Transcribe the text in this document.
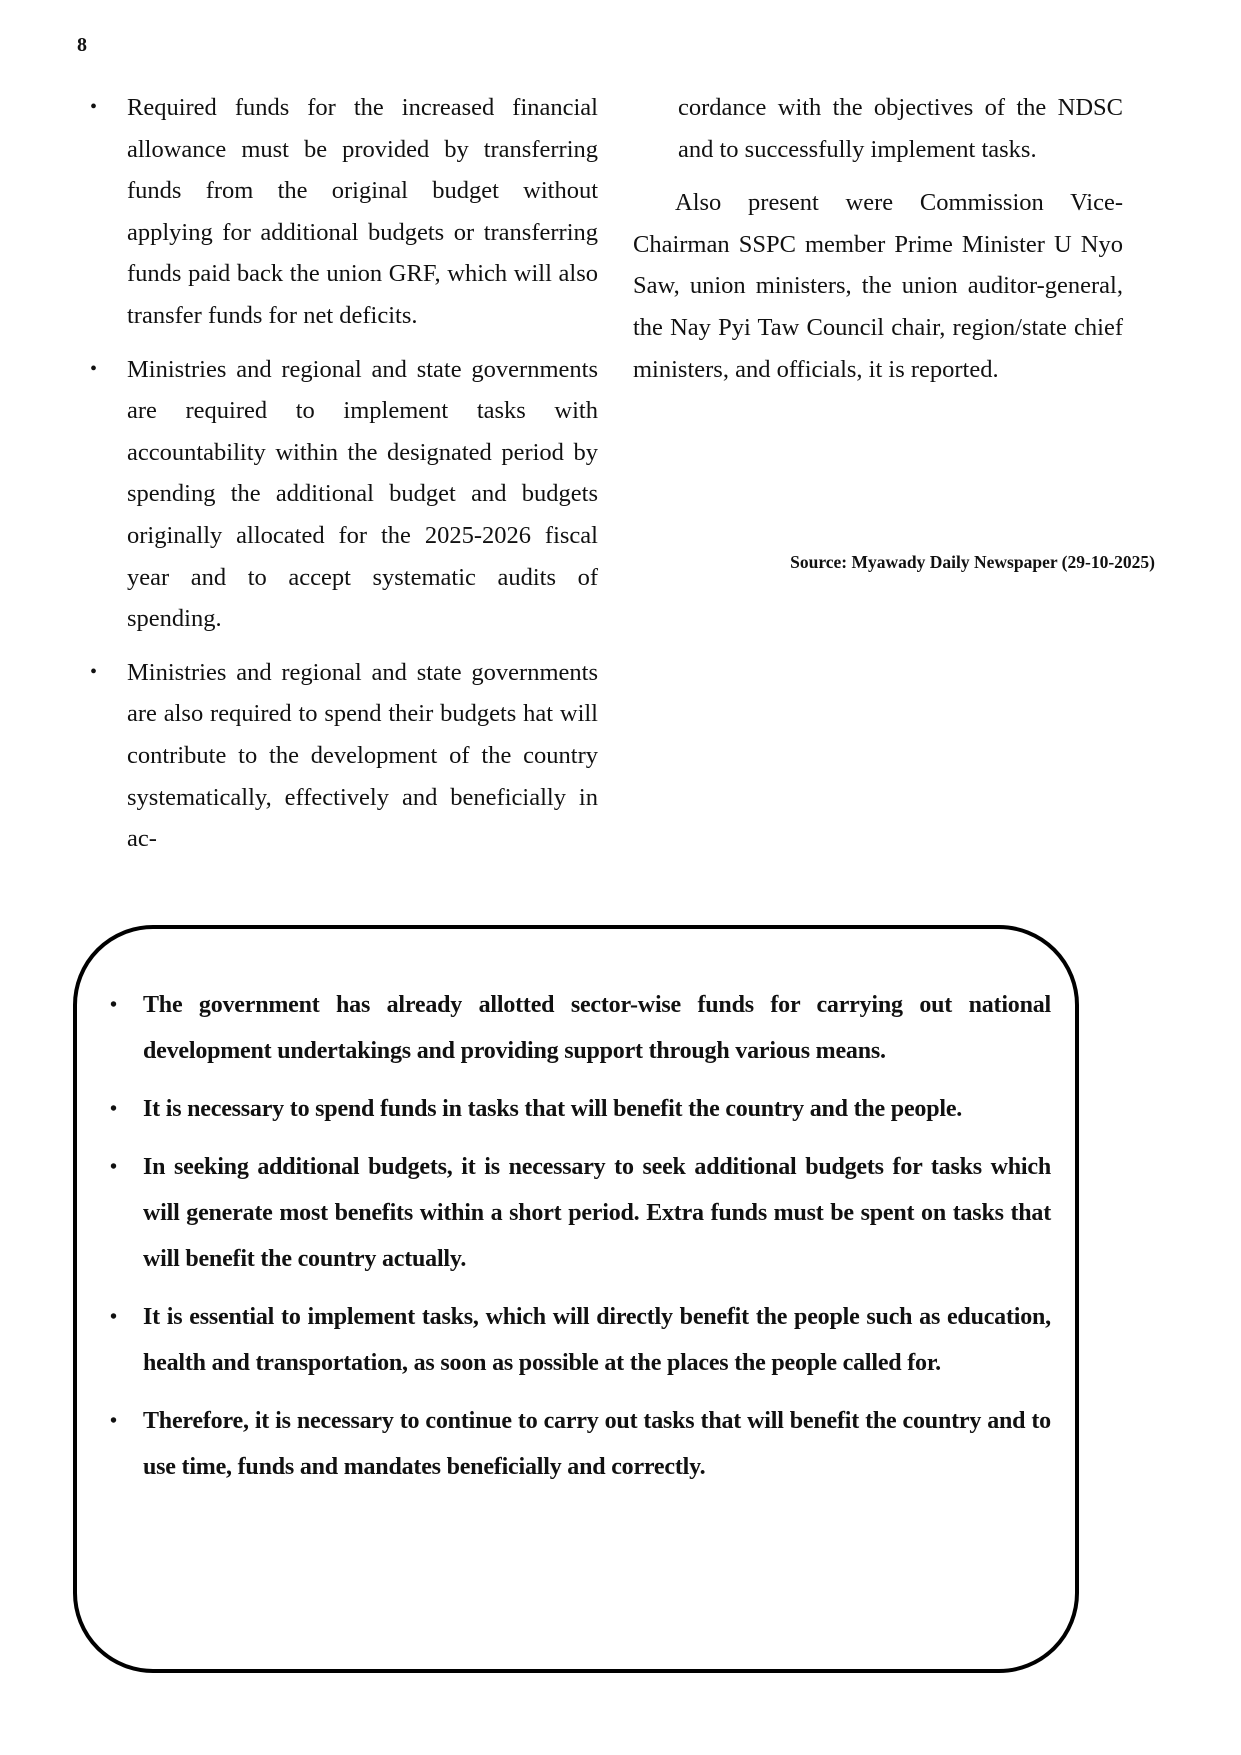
8
• Required funds for the increased financial allowance must be provided by transferring funds from the original budget without applying for additional budgets or transferring funds paid back the union GRF, which will also transfer funds for net deficits.
• Ministries and regional and state governments are required to implement tasks with accountability within the designated period by spending the additional budget and budgets originally allocated for the 2025-2026 fiscal year and to accept systematic audits of spending.
• Ministries and regional and state governments are also required to spend their budgets hat will contribute to the development of the country systematically, effectively and beneficially in ac-

cordance with the objectives of the NDSC and to successfully implement tasks.

Also present were Commission Vice-Chairman SSPC member Prime Minister U Nyo Saw, union ministers, the union auditor-general, the Nay Pyi Taw Council chair, region/state chief ministers, and officials, it is reported.

Source: Myawady Daily Newspaper (29-10-2025)
• The government has already allotted sector-wise funds for carrying out national development undertakings and providing support through various means.
• It is necessary to spend funds in tasks that will benefit the country and the people.
• In seeking additional budgets, it is necessary to seek additional budgets for tasks which will generate most benefits within a short period. Extra funds must be spent on tasks that will benefit the country actually.
• It is essential to implement tasks, which will directly benefit the people such as education, health and transportation, as soon as possible at the places the people called for.
• Therefore, it is necessary to continue to carry out tasks that will benefit the country and to use time, funds and mandates beneficially and correctly.
